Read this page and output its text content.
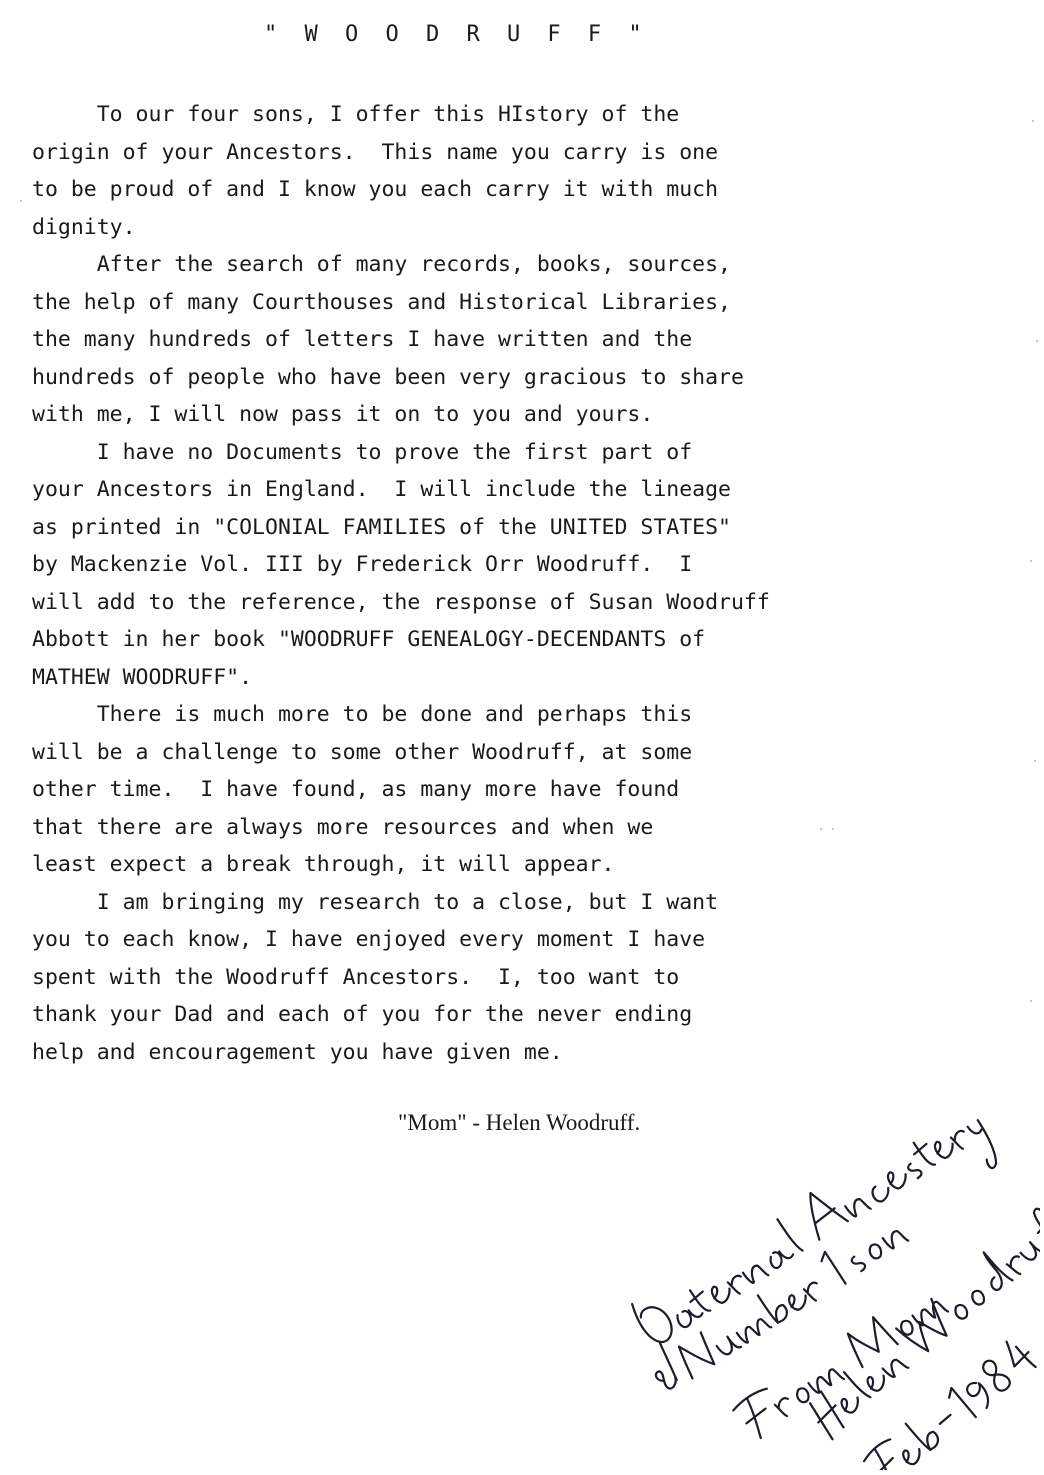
" W O O D R U F F "
To our four sons, I offer this HIstory of the
origin of your Ancestors.  This name you carry is one
to be proud of and I know you each carry it with much
dignity.
After the search of many records, books, sources,
the help of many Courthouses and Historical Libraries,
the many hundreds of letters I have written and the
hundreds of people who have been very gracious to share
with me, I will now pass it on to you and yours.
I have no Documents to prove the first part of
your Ancestors in England.  I will include the lineage
as printed in "COLONIAL FAMILIES of the UNITED STATES"
by Mackenzie Vol. III by Frederick Orr Woodruff.  I
will add to the reference, the response of Susan Woodruff
Abbott in her book "WOODRUFF GENEALOGY-DECENDANTS of
MATHEW WOODRUFF".
There is much more to be done and perhaps this
will be a challenge to some other Woodruff, at some
other time.  I have found, as many more have found
that there are always more resources and when we
least expect a break through, it will appear.
I am bringing my research to a close, but I want
you to each know, I have enjoyed every moment I have
spent with the Woodruff Ancestors.  I, too want to
thank your Dad and each of you for the never ending
help and encouragement you have given me.
"Mom" - Helen Woodruff.
